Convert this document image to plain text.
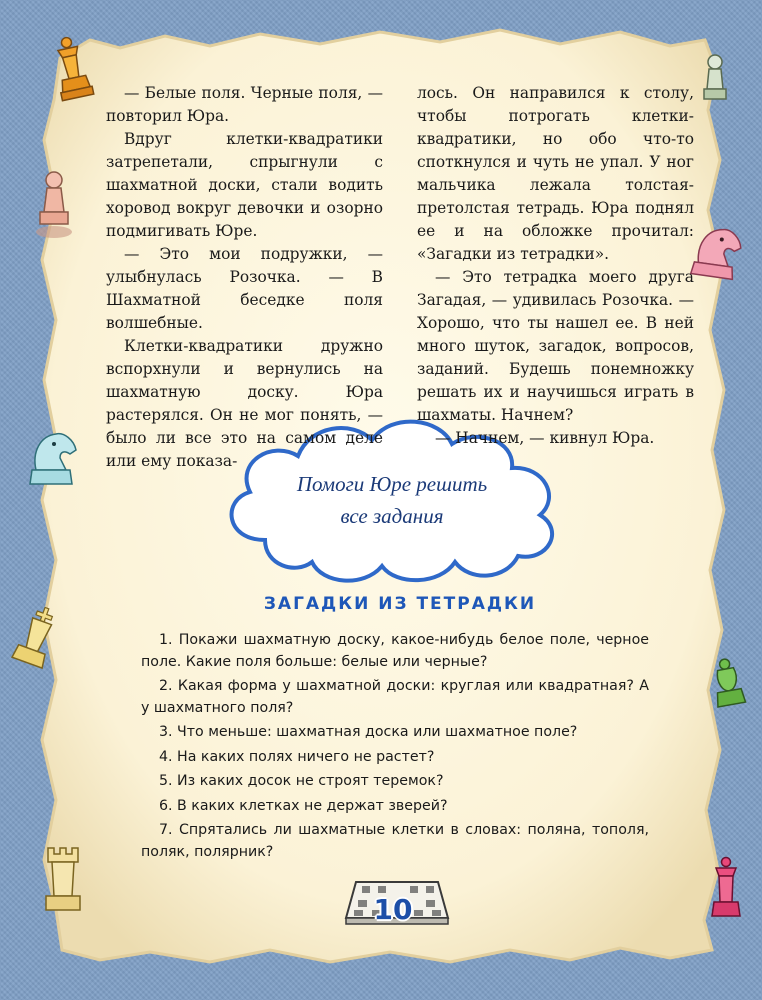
— Белые поля. Черные поля, — повторил Юра.

Вдруг клетки-квадратики затрепетали, спрыгнули с шахматной доски, стали водить хоровод вокруг девочки и озорно подмигивать Юре.

— Это мои подружки, — улыбнулась Розочка. — В Шахматной беседке поля волшебные.

Клетки-квадратики дружно вспорхнули и вернулись на шахматную доску. Юра растерялся. Он не мог понять, — было ли все это на самом деле или ему показа-

лось. Он направился к столу, чтобы потрогать клетки-квадратики, но обо что-то споткнулся и чуть не упал. У ног мальчика лежала толстая-претолстая тетрадь. Юра поднял ее и на обложке прочитал: «Загадки из тетрадки».

— Это тетрадка моего друга Загадая, — удивилась Розочка. — Хорошо, что ты нашел ее. В ней много шуток, загадок, вопросов, заданий. Будешь понемножку решать их и научишься играть в шахматы. Начнем?

— Начнем, — кивнул Юра.

Помоги Юре решить
все задания
ЗАГАДКИ ИЗ ТЕТРАДКИ
1. Покажи шахматную доску, какое-нибудь белое поле, черное поле. Какие поля больше: белые или черные?
2. Какая форма у шахматной доски: круглая или квадратная? А у шахматного поля?
3. Что меньше: шахматная доска или шахматное поле?
4. На каких полях ничего не растет?
5. Из каких досок не строят теремок?
6. В каких клетках не держат зверей?
7. Спрятались ли шахматные клетки в словах: поляна, тополя, поляк, полярник?
10
